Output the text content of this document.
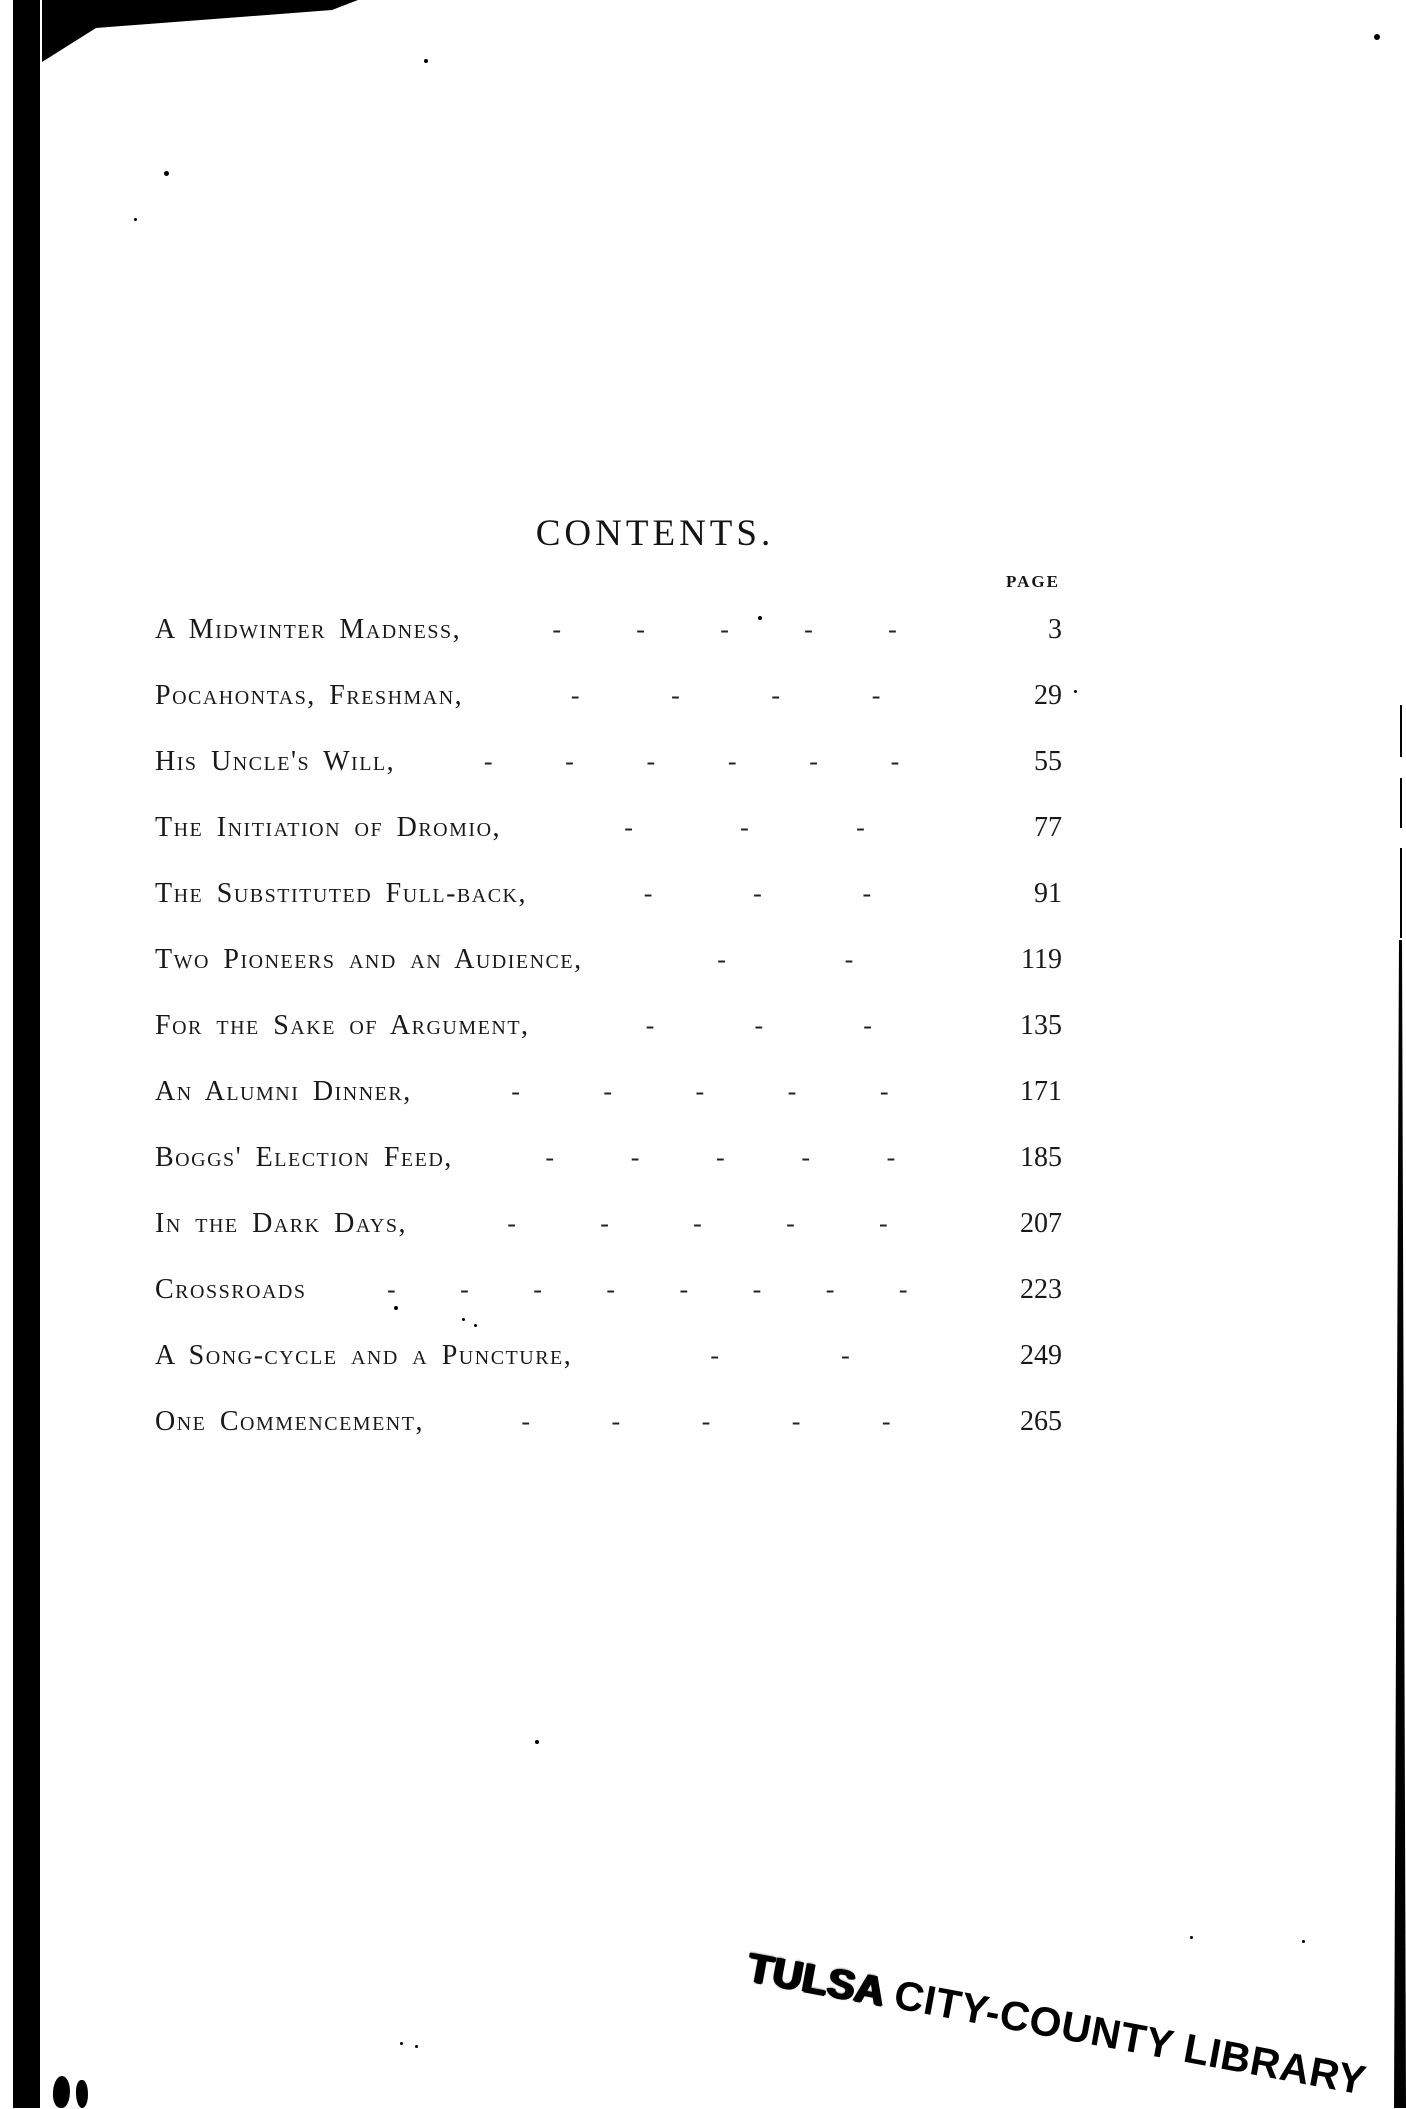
CONTENTS.
PAGE
A Midwinter Madness,	-	-	-	-	-	3
Pocahontas, Freshman,	-	-	-	-	29
His Uncle's Will,	-	-	-	-	-	-	55
The Initiation of Dromio,	-	-	-	77
The Substituted Full-back,	-	-	-	91
Two Pioneers and an Audience,	-	-	119
For the Sake of Argument,	-	-	-	135
An Alumni Dinner,	-	-	-	-	-	171
Boggs' Election Feed,	-	-	-	-	-	185
In the Dark Days,	-	-	-	-	-	207
Crossroads	- - - - - - - -	223
A Song-cycle and a Puncture,	-	-	249
One Commencement,	-	-	-	-	-	265
TULSA CITY-COUNTY LIBRARY
